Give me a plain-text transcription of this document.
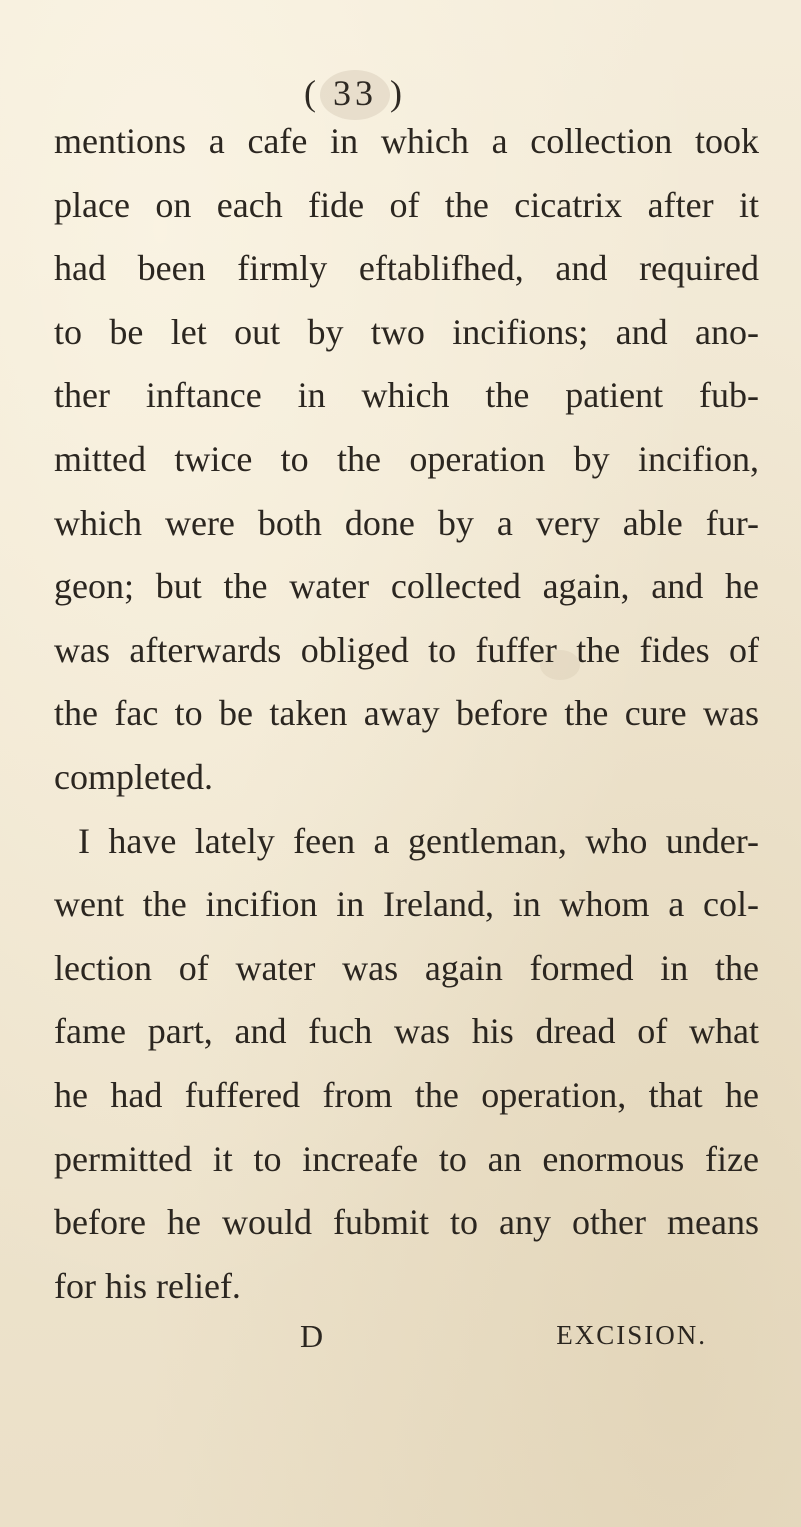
( 33 )
mentions a cafe in which a collection took
place on each fide of the cicatrix after it
had been firmly eftablifhed, and required
to be let out by two incifions; and ano-
ther inftance in which the patient fub-
mitted twice to the operation by incifion,
which were both done by a very able fur-
geon; but the water collected again, and he
was afterwards obliged to fuffer the fides of
the fac to be taken away before the cure was
completed.
I have lately feen a gentleman, who under-
went the incifion in Ireland, in whom a col-
lection of water was again formed in the
fame part, and fuch was his dread of what
he had fuffered from the operation, that he
permitted it to increafe to an enormous fize
before he would fubmit to any other means
for his relief.
D	EXCISION.
